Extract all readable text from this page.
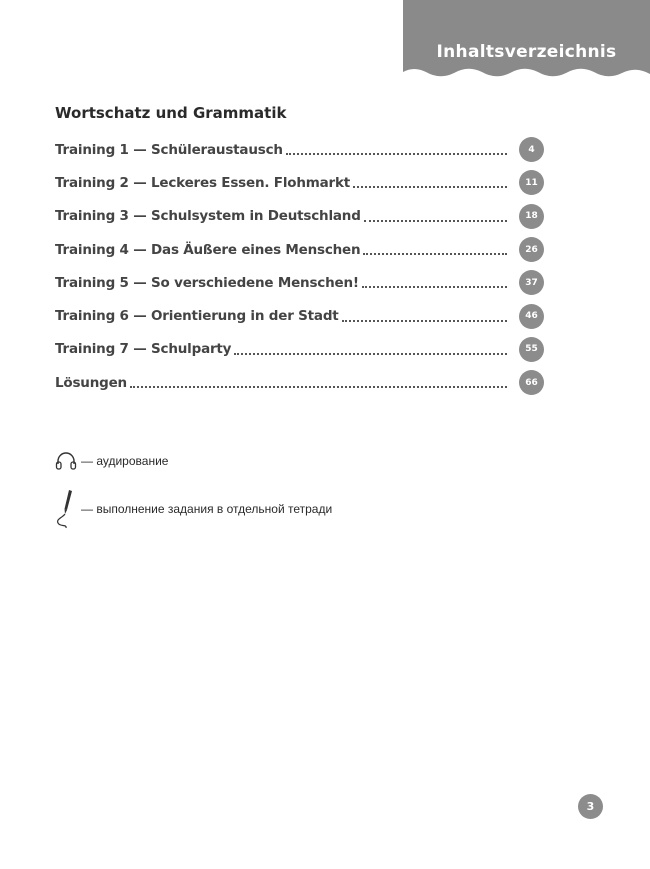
Inhaltsverzeichnis
Wortschatz und Grammatik
Training 1 — Schüleraustausch	4
Training 2 — Leckeres Essen. Flohmarkt	11
Training 3 — Schulsystem in Deutschland	18
Training 4 — Das Äußere eines Menschen	26
Training 5 — So verschiedene Menschen!	37
Training 6 — Orientierung in der Stadt	46
Training 7 — Schulparty	55
Lösungen	66
— аудирование
— выполнение задания в отдельной тетради
3
